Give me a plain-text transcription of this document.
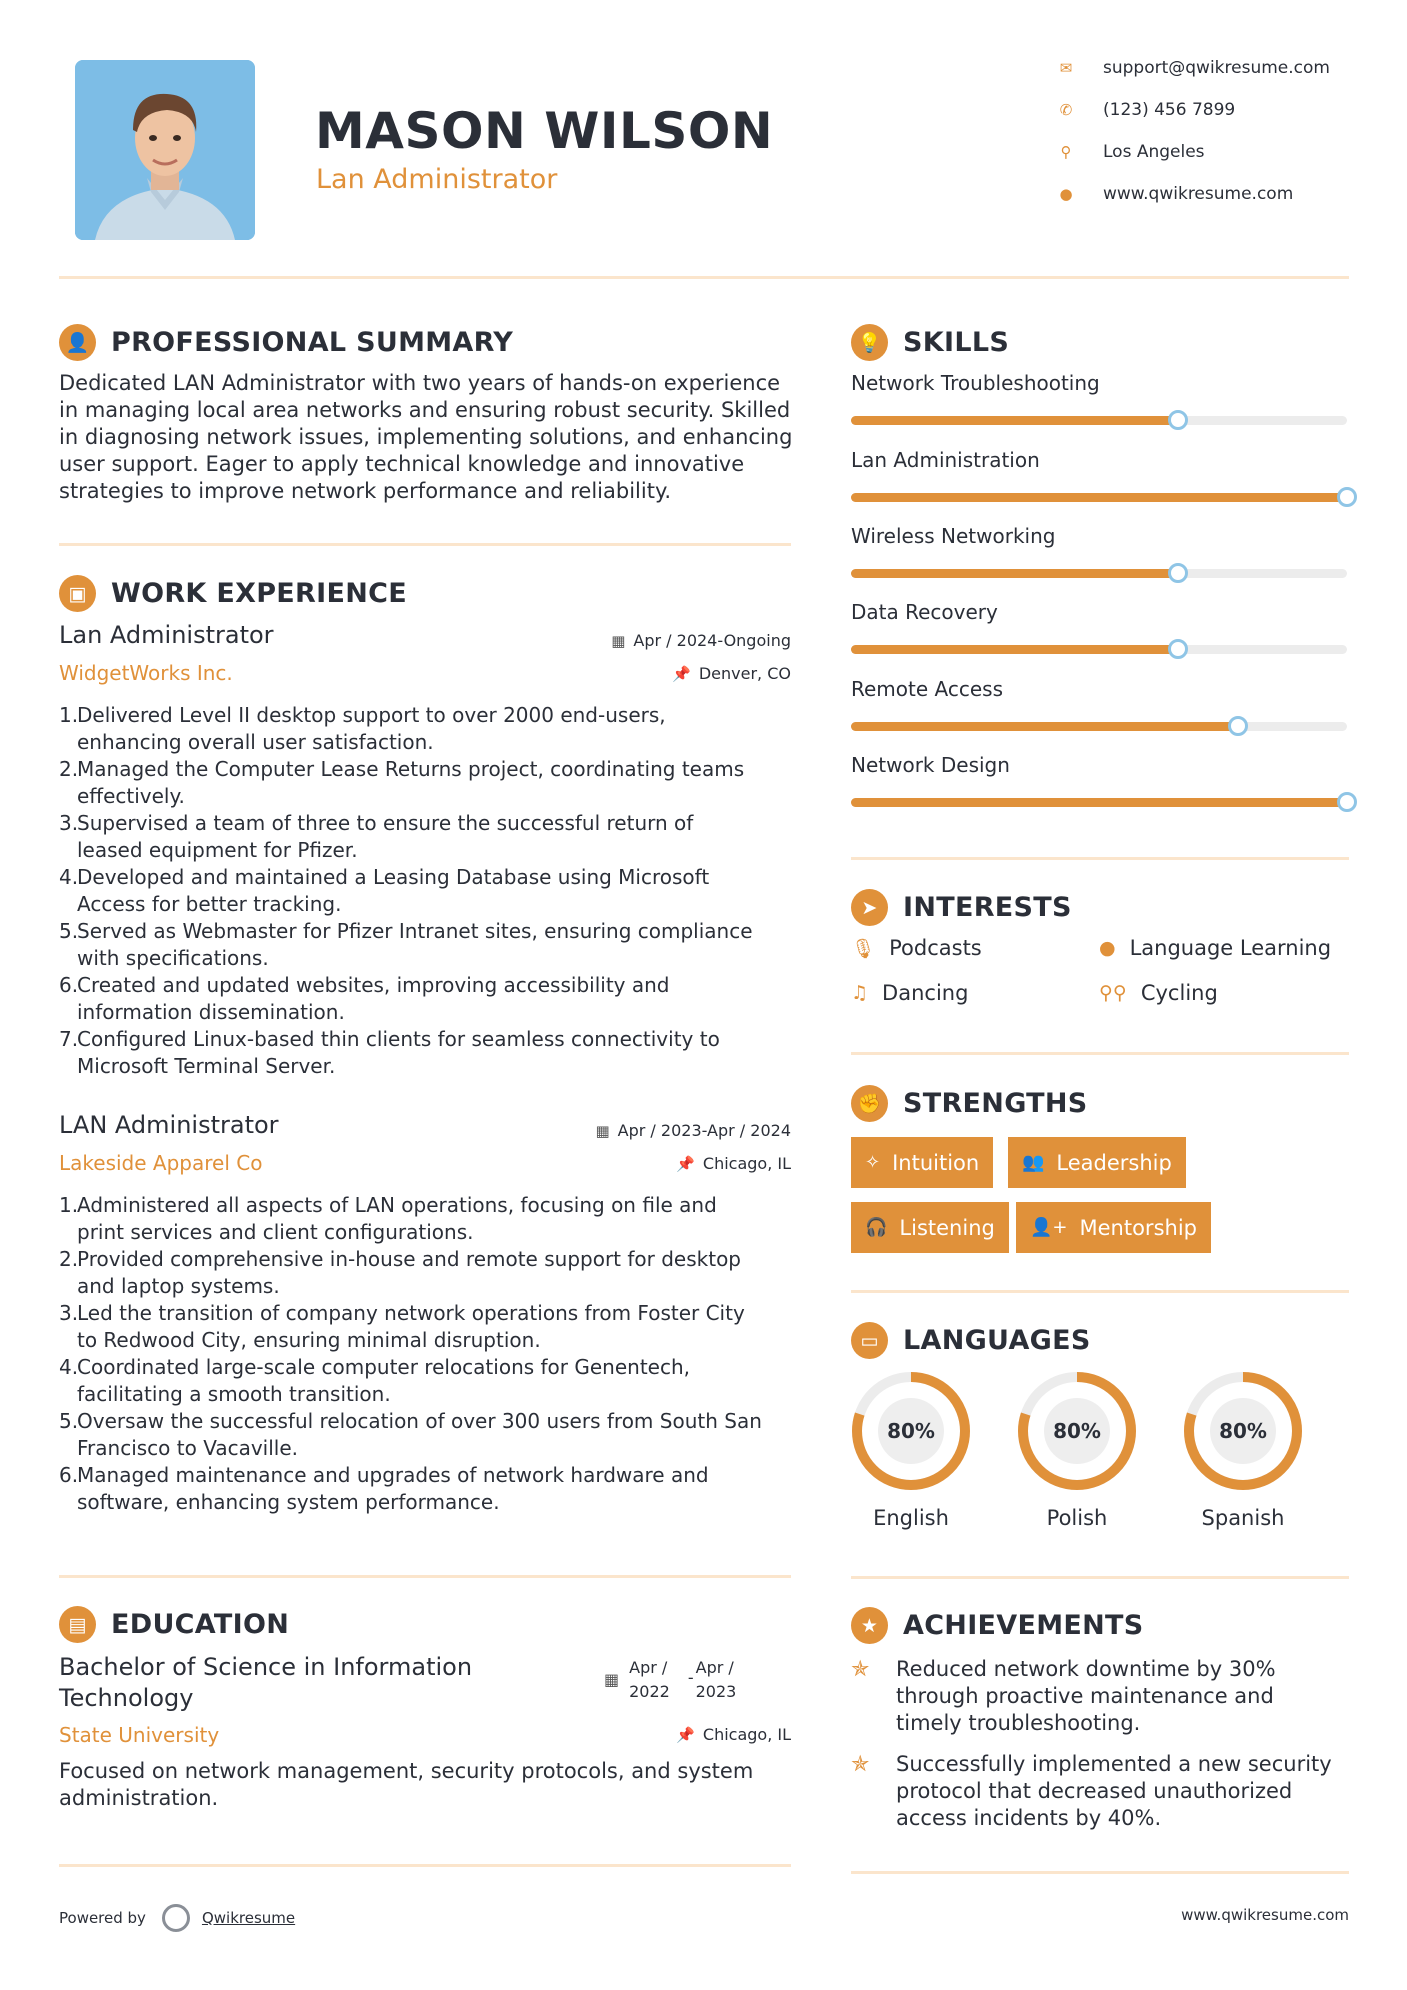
MASON WILSON
Lan Administrator
✉ support@qwikresume.com
✆ (123) 456 7899
⚲	Los Angeles
● www.qwikresume.com
👤 PROFESSIONAL SUMMARY
Dedicated LAN Administrator with two years of hands-on experience
in managing local area networks and ensuring robust security. Skilled
in diagnosing network issues, implementing solutions, and enhancing
user support. Eager to apply technical knowledge and innovative
strategies to improve network performance and reliability.
▣ WORK EXPERIENCE
Lan Administrator
WidgetWorks Inc.
▦ Apr / 2024-Ongoing
📌 Denver, CO
1.
Delivered Level II desktop support to over 2000 end-users,
enhancing overall user satisfaction.
2.
Managed the Computer Lease Returns project, coordinating teams
effectively.
3.
Supervised a team of three to ensure the successful return of
leased equipment for Pfizer.
4.
Developed and maintained a Leasing Database using Microsoft
Access for better tracking.
5.
Served as Webmaster for Pfizer Intranet sites, ensuring compliance
with specifications.
6.
Created and updated websites, improving accessibility and
information dissemination.
7.
Configured Linux-based thin clients for seamless connectivity to
Microsoft Terminal Server.
LAN Administrator
Lakeside Apparel Co
▦ Apr / 2023-Apr / 2024
📌 Chicago, IL
1.
Administered all aspects of LAN operations, focusing on file and
print services and client configurations.
2.
Provided comprehensive in-house and remote support for desktop
and laptop systems.
3.
Led the transition of company network operations from Foster City
to Redwood City, ensuring minimal disruption.
4.
Coordinated large-scale computer relocations for Genentech,
facilitating a smooth transition.
5.
Oversaw the successful relocation of over 300 users from South San
Francisco to Vacaville.
6.
Managed maintenance and upgrades of network hardware and
software, enhancing system performance.
▤ EDUCATION
Bachelor of Science in Information
Technology
State University
▦
Apr /
2022
-
Apr /
2023
📌 Chicago, IL
Focused on network management, security protocols, and system
administration.
Powered by	Qwikresume
💡 SKILLS
Network Troubleshooting
Lan Administration
Wireless Networking
Data Recovery
Remote Access
Network Design
➤ INTERESTS
🎙 Podcasts	● Language Learning
♫ Dancing	⚲⚲ Cycling
✊ STRENGTHS
✧ Intuition 👥 Leadership
🎧 Listening 👤+ Mentorship
▭ LANGUAGES
80%	80%	80%
English	Polish	Spanish
★ ACHIEVEMENTS
✯	Reduced network downtime by 30%
through proactive maintenance and
timely troubleshooting.
✯	Successfully implemented a new security
protocol that decreased unauthorized
access incidents by 40%.
www.qwikresume.com
